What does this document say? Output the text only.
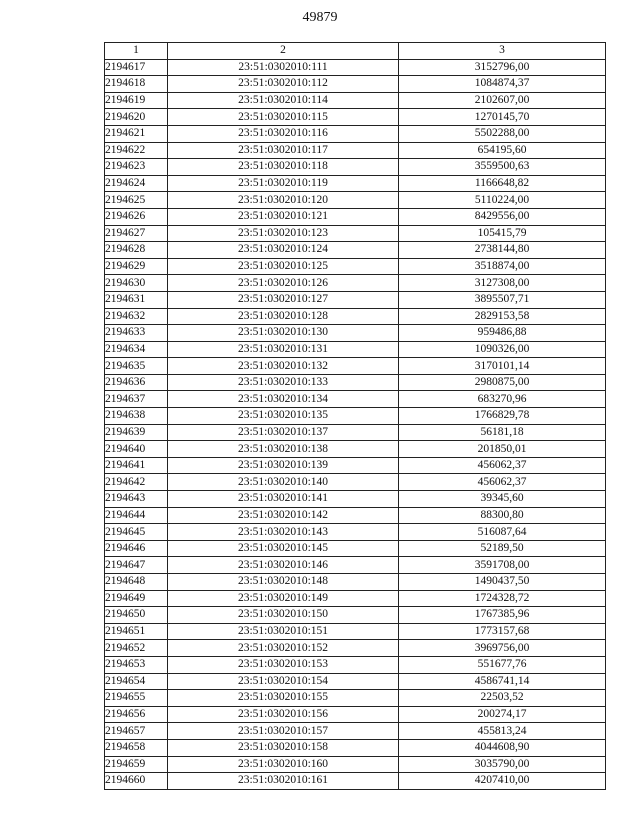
49879
1	2	3
2194617	23:51:0302010:111	3152796,00
2194618	23:51:0302010:112	1084874,37
2194619	23:51:0302010:114	2102607,00
2194620	23:51:0302010:115	1270145,70
2194621	23:51:0302010:116	5502288,00
2194622	23:51:0302010:117	654195,60
2194623	23:51:0302010:118	3559500,63
2194624	23:51:0302010:119	1166648,82
2194625	23:51:0302010:120	5110224,00
2194626	23:51:0302010:121	8429556,00
2194627	23:51:0302010:123	105415,79
2194628	23:51:0302010:124	2738144,80
2194629	23:51:0302010:125	3518874,00
2194630	23:51:0302010:126	3127308,00
2194631	23:51:0302010:127	3895507,71
2194632	23:51:0302010:128	2829153,58
2194633	23:51:0302010:130	959486,88
2194634	23:51:0302010:131	1090326,00
2194635	23:51:0302010:132	3170101,14
2194636	23:51:0302010:133	2980875,00
2194637	23:51:0302010:134	683270,96
2194638	23:51:0302010:135	1766829,78
2194639	23:51:0302010:137	56181,18
2194640	23:51:0302010:138	201850,01
2194641	23:51:0302010:139	456062,37
2194642	23:51:0302010:140	456062,37
2194643	23:51:0302010:141	39345,60
2194644	23:51:0302010:142	88300,80
2194645	23:51:0302010:143	516087,64
2194646	23:51:0302010:145	52189,50
2194647	23:51:0302010:146	3591708,00
2194648	23:51:0302010:148	1490437,50
2194649	23:51:0302010:149	1724328,72
2194650	23:51:0302010:150	1767385,96
2194651	23:51:0302010:151	1773157,68
2194652	23:51:0302010:152	3969756,00
2194653	23:51:0302010:153	551677,76
2194654	23:51:0302010:154	4586741,14
2194655	23:51:0302010:155	22503,52
2194656	23:51:0302010:156	200274,17
2194657	23:51:0302010:157	455813,24
2194658	23:51:0302010:158	4044608,90
2194659	23:51:0302010:160	3035790,00
2194660	23:51:0302010:161	4207410,00
